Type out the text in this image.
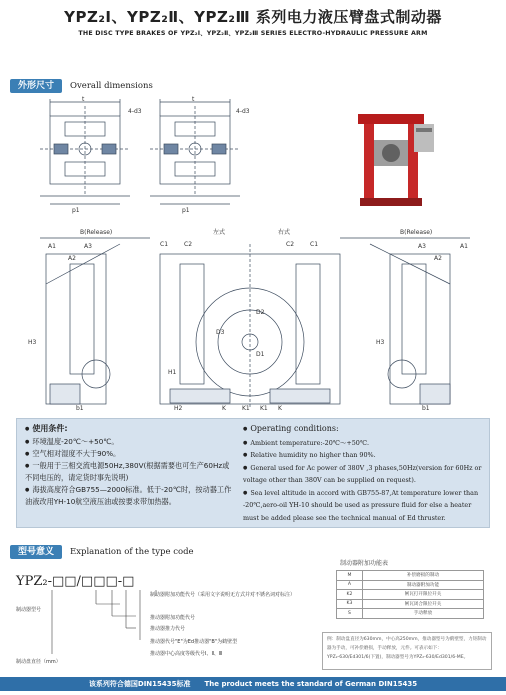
YPZ₂Ⅰ、YPZ₂Ⅱ、YPZ₂Ⅲ 系列电力液压臂盘式制动器
THE DISC TYPE BRAKES OF YPZ₂Ⅰ、YPZ₂Ⅱ、YPZ₂Ⅲ SERIES ELECTRO-HYDRAULIC PRESSURE ARM
外形尺寸	Overall dimensions
t
4-d3
p1
t
4-d3
p1
A1
A2
A3
B(Release)
H3
b1
C1	C2
左式	右式
C2	C1
D3
D2
D1
H2
H1
K	K1 K1 K
B(Release)
A1
A2
A3
H3
b1
● 使用条件:
● 环境温度-20℃～+50℃。
● 空气相对湿度不大于90%。
● 一般用于三相交流电源50Hz,380V(根据需要也可生产60Hz或不同电压的，请定货时事先说明)
● 海拔高度符合GB755—2000标准。低于-20℃时，按动器工作油液改用YH-10航空液压油或按要求带加热器。
● Operating conditions:
● Ambient temperature:-20℃～+50℃.
● Relative humidity no higher than 90%.
● General used for Ac power of 380V ,3 phases,50Hz(version for 60Hz or voltage other than 380V can be supplied on request).
● Sea level altitude in accord with GB755-87,At temperature lower than -20℃,aero-oil YH-10 should be used as pressure fluid for else a heater must be added please see the technical manual of Ed thruster.
型号意义	Explanation of the type code
YPZ₂-□□/□□□-□
制动器型号
制动盘直径（mm）
制动器附加功能代号（采用文字说明无方式并对不锈名词对标注）
推动器附加功能代号
推动器推力代号
推动器代号"E"为Ed推动器"B"为鹤壁型
推动器中心高度等级代号Ⅰ、Ⅱ、Ⅲ
制动器附加功能表
M	补偿磨损的制动
A	制动器附加功能
K2	闸瓦打开限位开关
K3	闸瓦闭合限位开关
S	手动释放
例：制动盘直径为630mm，中心高250mm，推动器型号为鹤壁型，力矩制动器为手动，可补偿磨损，手动释放，元件。可表示如下：YPZ₂-630/Ed301/6(下置)，制动器型号为YPZ₂-630/Ed301/6-ME。
该系列符合德国DIN15435标准 The product meets the standard of German DIN15435
